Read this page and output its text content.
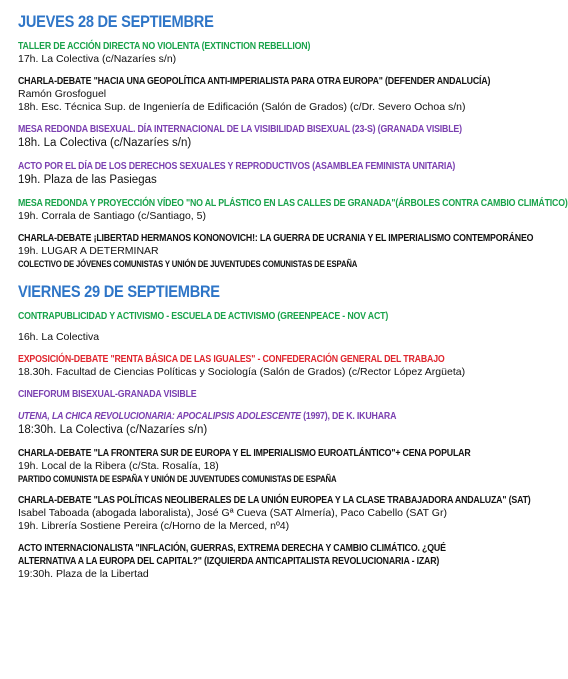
JUEVES 28 DE SEPTIEMBRE
TALLER DE ACCIÓN DIRECTA NO VIOLENTA (EXTINCTION REBELLION)
17h. La Colectiva (c/Nazaríes s/n)
CHARLA-DEBATE "HACIA UNA GEOPOLÍTICA ANTI-IMPERIALISTA PARA OTRA EUROPA" (DEFENDER ANDALUCÍA)
Ramón Grosfoguel
18h. Esc. Técnica Sup. de Ingeniería de Edificación (Salón de Grados) (c/Dr. Severo Ochoa s/n)
MESA REDONDA BISEXUAL. DÍA INTERNACIONAL DE LA VISIBILIDAD BISEXUAL (23-S) (GRANADA VISIBLE)
18h. La Colectiva (c/Nazaríes s/n)
ACTO POR EL DÍA DE LOS DERECHOS SEXUALES Y REPRODUCTIVOS (ASAMBLEA FEMINISTA UNITARIA)
19h. Plaza de las Pasiegas
MESA REDONDA Y PROYECCIÓN VÍDEO "NO AL PLÁSTICO EN LAS CALLES DE GRANADA"(ÁRBOLES CONTRA CAMBIO CLIMÁTICO)
19h. Corrala de Santiago (c/Santiago, 5)
CHARLA-DEBATE ¡LIBERTAD HERMANOS KONONOVICH!: LA GUERRA DE UCRANIA Y EL IMPERIALISMO CONTEMPORÁNEO
19h. LUGAR A DETERMINAR
COLECTIVO DE JÓVENES COMUNISTAS Y UNIÓN DE JUVENTUDES COMUNISTAS DE ESPAÑA
VIERNES 29 DE SEPTIEMBRE
CONTRAPUBLICIDAD Y ACTIVISMO - ESCUELA DE ACTIVISMO (GREENPEACE - NOV ACT)
16h. La Colectiva
EXPOSICIÓN-DEBATE "RENTA BÁSICA DE LAS IGUALES" - CONFEDERACIÓN GENERAL DEL TRABAJO
18.30h. Facultad de Ciencias Políticas y Sociología (Salón de Grados) (c/Rector López Argüeta)
CINEFORUM BISEXUAL-GRANADA VISIBLE
UTENA, LA CHICA REVOLUCIONARIA: APOCALIPSIS ADOLESCENTE (1997), DE K. IKUHARA
18:30h. La Colectiva (c/Nazaríes s/n)
CHARLA-DEBATE "LA FRONTERA SUR DE EUROPA Y EL IMPERIALISMO EUROATLÁNTICO"+ CENA POPULAR
19h. Local de la Ribera (c/Sta. Rosalía, 18)
PARTIDO COMUNISTA DE ESPAÑA Y UNIÓN DE JUVENTUDES COMUNISTAS DE ESPAÑA
CHARLA-DEBATE "LAS POLÍTICAS NEOLIBERALES DE LA UNIÓN EUROPEA Y LA CLASE TRABAJADORA ANDALUZA" (SAT)
Isabel Taboada (abogada laboralista), José Gª Cueva (SAT Almería), Paco Cabello (SAT Gr)
19h. Librería Sostiene Pereira (c/Horno de la Merced, nº4)
ACTO INTERNACIONALISTA "INFLACIÓN, GUERRAS, EXTREMA DERECHA Y CAMBIO CLIMÁTICO. ¿QUÉ ALTERNATIVA A LA EUROPA DEL CAPITAL?" (IZQUIERDA ANTICAPITALISTA REVOLUCIONARIA - IZAR)
19:30h. Plaza de la Libertad
